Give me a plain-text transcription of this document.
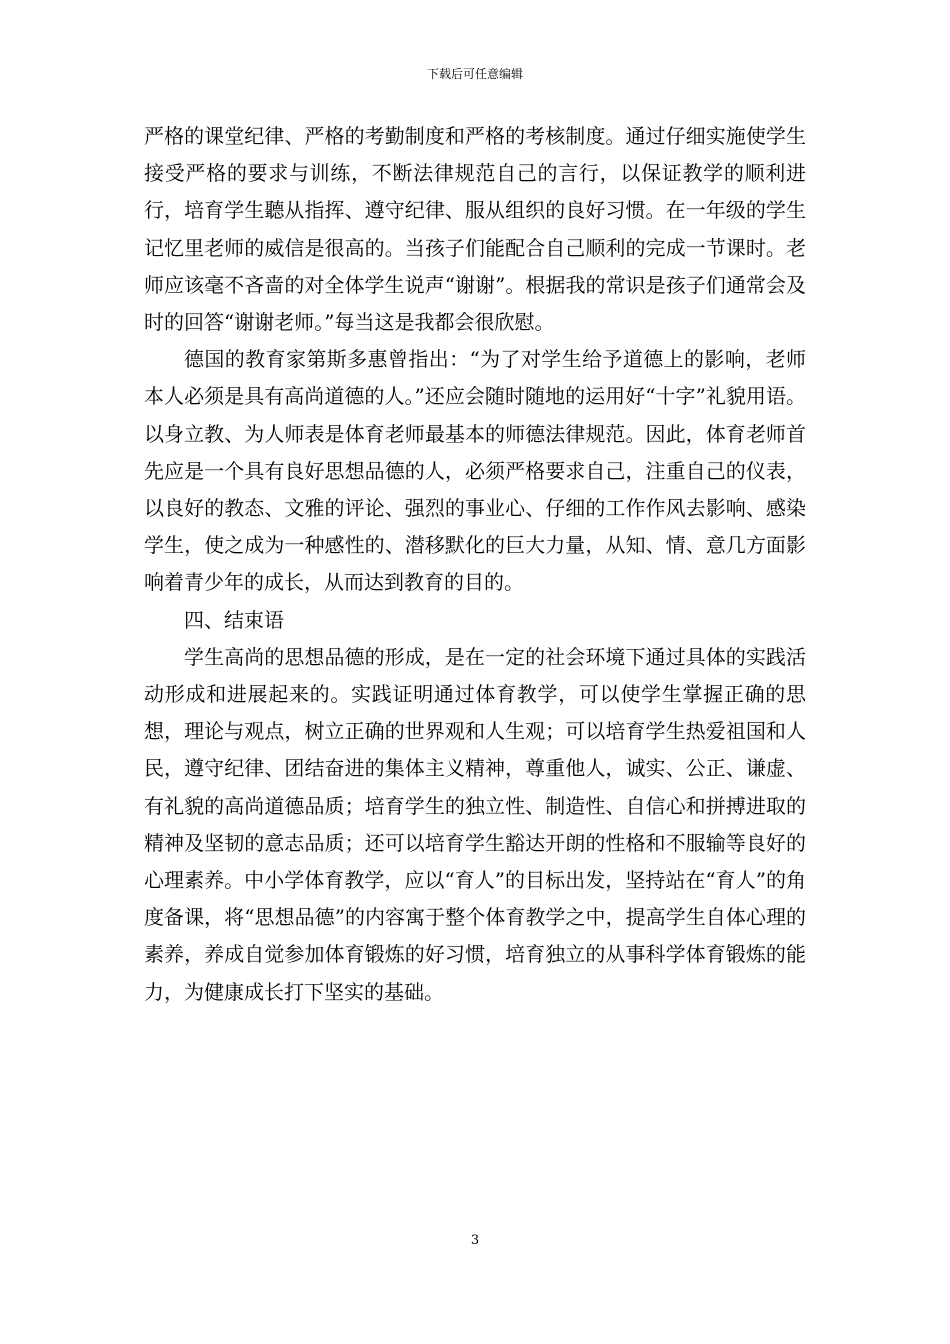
下载后可任意编辑

严格的课堂纪律、严格的考勤制度和严格的考核制度。通过仔细实施使学生接受严格的要求与训练，不断法律规范自己的言行，以保证教学的顺利进行，培育学生聽从指挥、遵守纪律、服从组织的良好习惯。在一年级的学生记忆里老师的威信是很高的。当孩子们能配合自己顺利的完成一节课时。老师应该毫不吝啬的对全体学生说声“谢谢”。根据我的常识是孩子们通常会及时的回答“谢谢老师。”每当这是我都会很欣慰。

德国的教育家第斯多惠曾指出：“为了对学生给予道德上的影响，老师本人必须是具有高尚道德的人。”还应会随时随地的运用好“十字”礼貌用语。以身立教、为人师表是体育老师最基本的师德法律规范。因此，体育老师首先应是一个具有良好思想品德的人，必须严格要求自己，注重自己的仪表，以良好的教态、文雅的评论、强烈的事业心、仔细的工作作风去影响、感染学生，使之成为一种感性的、潜移默化的巨大力量，从知、情、意几方面影响着青少年的成长，从而达到教育的目的。

四、结束语

学生高尚的思想品德的形成，是在一定的社会环境下通过具体的实践活动形成和进展起来的。实践证明通过体育教学，可以使学生掌握正确的思想，理论与观点，树立正确的世界观和人生观；可以培育学生热爱祖国和人民，遵守纪律、团结奋进的集体主义精神，尊重他人，诚实、公正、谦虚、有礼貌的高尚道德品质；培育学生的独立性、制造性、自信心和拼搏进取的精神及坚韧的意志品质；还可以培育学生豁达开朗的性格和不服输等良好的心理素养。中小学体育教学，应以“育人”的目标出发，坚持站在“育人”的角度备课，将“思想品德”的内容寓于整个体育教学之中，提高学生自体心理的素养，养成自觉参加体育锻炼的好习惯，培育独立的从事科学体育锻炼的能力，为健康成长打下坚实的基础。

3
